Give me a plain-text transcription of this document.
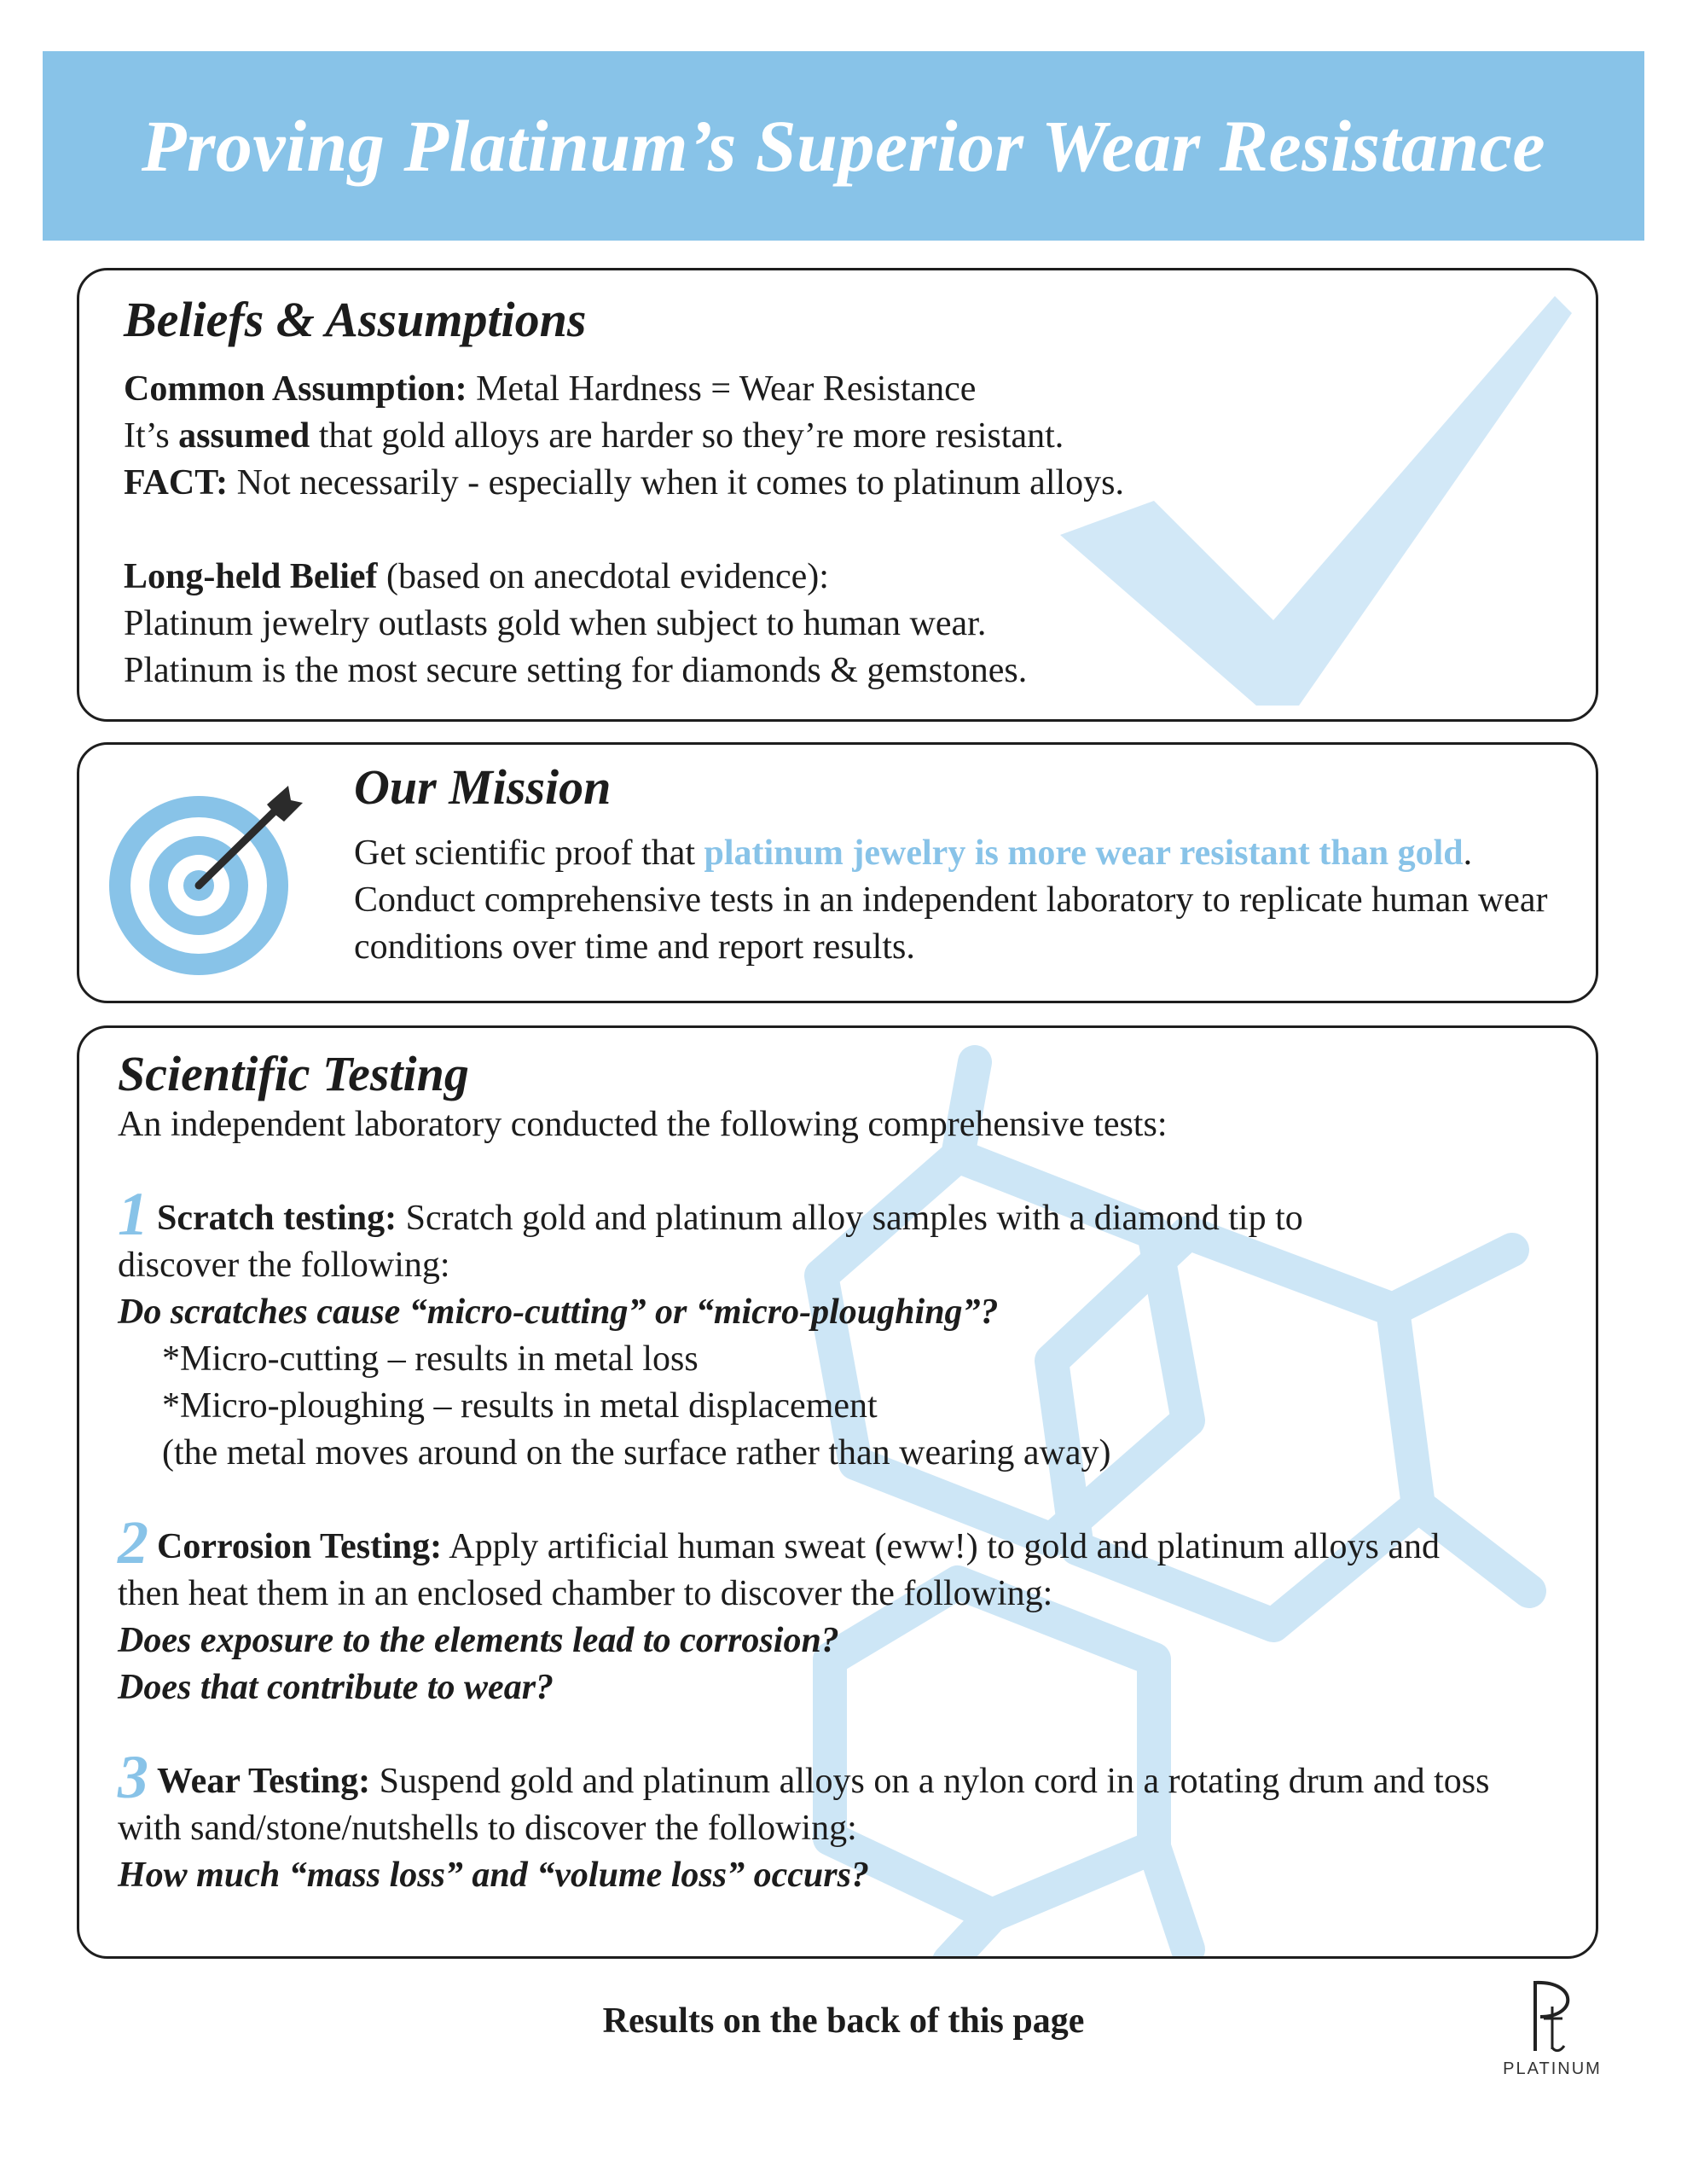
Proving Platinum’s Superior Wear Resistance
Beliefs & Assumptions

Common Assumption: Metal Hardness = Wear Resistance

It’s assumed that gold alloys are harder so they’re more resistant.

FACT: Not necessarily - especially when it comes to platinum alloys.

Long-held Belief (based on anecdotal evidence):

Platinum jewelry outlasts gold when subject to human wear.

Platinum is the most secure setting for diamonds & gemstones.

Our Mission

Get scientific proof that platinum jewelry is more wear resistant than gold. Conduct comprehensive tests in an independent laboratory to replicate human wear conditions over time and report results.

Scientific Testing

An independent laboratory conducted the following comprehensive tests:

1 Scratch testing: Scratch gold and platinum alloy samples with a diamond tip to discover the following:

Do scratches cause “micro-cutting” or “micro-ploughing”?

*Micro-cutting – results in metal loss

*Micro-ploughing – results in metal displacement

(the metal moves around on the surface rather than wearing away)

2 Corrosion Testing: Apply artificial human sweat (eww!) to gold and platinum alloys and then heat them in an enclosed chamber to discover the following:

Does exposure to the elements lead to corrosion?

Does that contribute to wear?

3 Wear Testing: Suspend gold and platinum alloys on a nylon cord in a rotating drum and toss with sand/stone/nutshells to discover the following:

How much “mass loss” and “volume loss” occurs?

Results on the back of this page
PLATINUM
